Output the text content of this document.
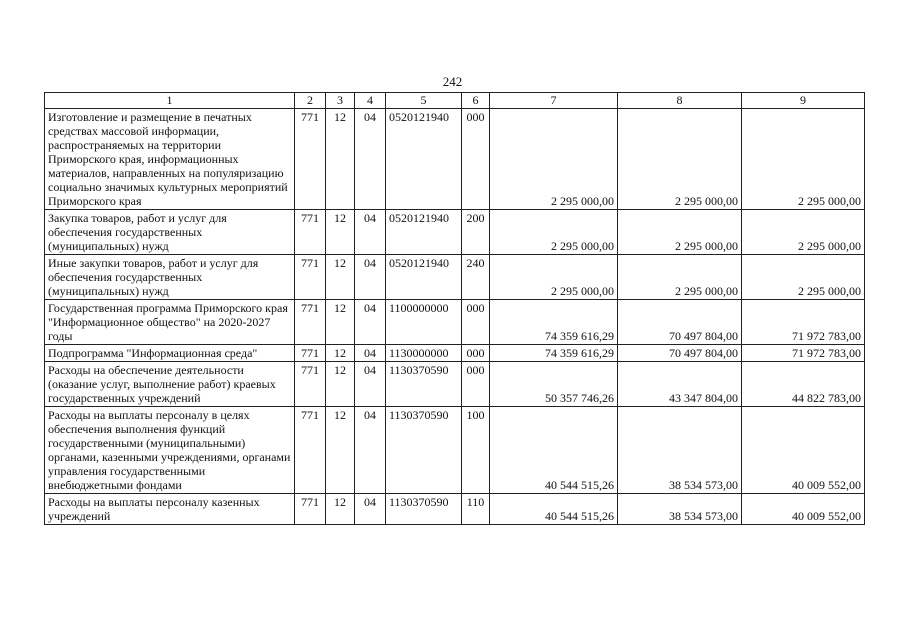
242
1	2	3	4	5	6	7	8	9
Изготовление и размещение в печатных средствах массовой информации, распространяемых на территории Приморского края, информационных материалов, направленных на популяризацию социально значимых культурных мероприятий Приморского края	771	12	04	0520121940	000	2 295 000,00	2 295 000,00	2 295 000,00
Закупка товаров, работ и услуг для обеспечения государственных (муниципальных) нужд	771	12	04	0520121940	200	2 295 000,00	2 295 000,00	2 295 000,00
Иные закупки товаров, работ и услуг для обеспечения государственных (муниципальных) нужд	771	12	04	0520121940	240	2 295 000,00	2 295 000,00	2 295 000,00
Государственная программа Приморского края "Информационное общество" на 2020-2027 годы	771	12	04	1100000000	000	74 359 616,29	70 497 804,00	71 972 783,00
Подпрограмма "Информационная среда"	771	12	04	1130000000	000	74 359 616,29	70 497 804,00	71 972 783,00
Расходы на обеспечение деятельности (оказание услуг, выполнение работ) краевых государственных учреждений	771	12	04	1130370590	000	50 357 746,26	43 347 804,00	44 822 783,00
Расходы на выплаты персоналу в целях обеспечения выполнения функций государственными (муниципальными) органами, казенными учреждениями, органами управления государственными внебюджетными фондами	771	12	04	1130370590	100	40 544 515,26	38 534 573,00	40 009 552,00
Расходы на выплаты персоналу казенных учреждений	771	12	04	1130370590	110	40 544 515,26	38 534 573,00	40 009 552,00
